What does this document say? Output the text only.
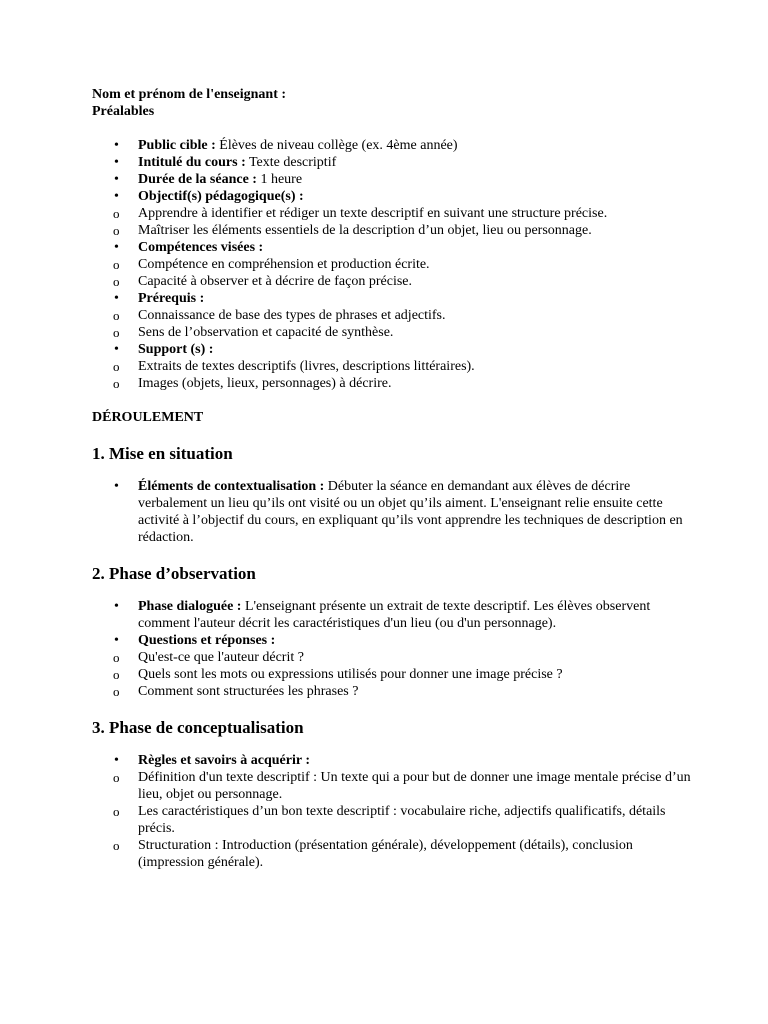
Nom et prénom de l'enseignant :

Préalables

• Public cible : Élèves de niveau collège (ex. 4ème année)
• Intitulé du cours : Texte descriptif
• Durée de la séance : 1 heure
• Objectif(s) pédagogique(s) :
o Apprendre à identifier et rédiger un texte descriptif en suivant une structure précise.
o Maîtriser les éléments essentiels de la description d’un objet, lieu ou personnage.
• Compétences visées :
o Compétence en compréhension et production écrite.
o Capacité à observer et à décrire de façon précise.
• Prérequis :
o Connaissance de base des types de phrases et adjectifs.
o Sens de l’observation et capacité de synthèse.
• Support (s) :
o Extraits de textes descriptifs (livres, descriptions littéraires).
o Images (objets, lieux, personnages) à décrire.

DÉROULEMENT

1. Mise en situation
• Éléments de contextualisation : Débuter la séance en demandant aux élèves de décrire verbalement un lieu qu’ils ont visité ou un objet qu’ils aiment. L'enseignant relie ensuite cette activité à l’objectif du cours, en expliquant qu’ils vont apprendre les techniques de description en rédaction.
2. Phase d’observation
• Phase dialoguée : L'enseignant présente un extrait de texte descriptif. Les élèves observent comment l'auteur décrit les caractéristiques d'un lieu (ou d'un personnage).
• Questions et réponses :
o Qu'est-ce que l'auteur décrit ?
o Quels sont les mots ou expressions utilisés pour donner une image précise ?
o Comment sont structurées les phrases ?
3. Phase de conceptualisation
• Règles et savoirs à acquérir :
o Définition d'un texte descriptif : Un texte qui a pour but de donner une image mentale précise d’un lieu, objet ou personnage.
o Les caractéristiques d’un bon texte descriptif : vocabulaire riche, adjectifs qualificatifs, détails précis.
o Structuration : Introduction (présentation générale), développement (détails), conclusion (impression générale).
